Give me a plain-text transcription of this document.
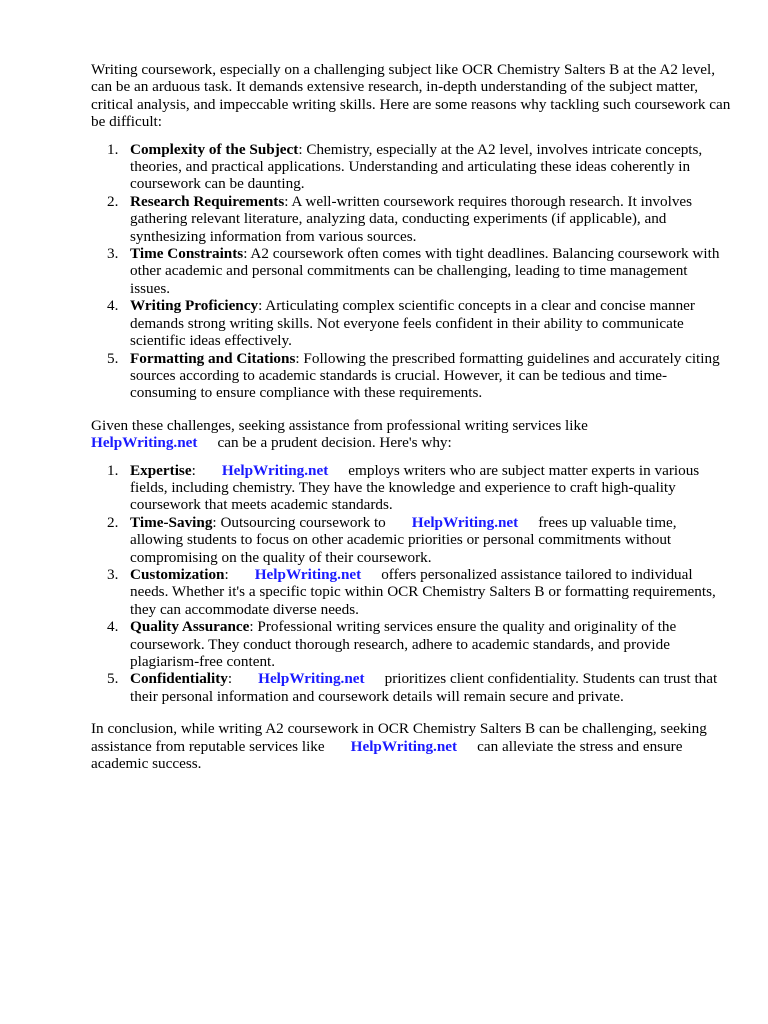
Writing coursework, especially on a challenging subject like OCR Chemistry Salters B at the A2 level, can be an arduous task. It demands extensive research, in-depth understanding of the subject matter, critical analysis, and impeccable writing skills. Here are some reasons why tackling such coursework can be difficult:

1. Complexity of the Subject: Chemistry, especially at the A2 level, involves intricate concepts, theories, and practical applications. Understanding and articulating these ideas coherently in coursework can be daunting.
2. Research Requirements: A well-written coursework requires thorough research. It involves gathering relevant literature, analyzing data, conducting experiments (if applicable), and synthesizing information from various sources.
3. Time Constraints: A2 coursework often comes with tight deadlines. Balancing coursework with other academic and personal commitments can be challenging, leading to time management issues.
4. Writing Proficiency: Articulating complex scientific concepts in a clear and concise manner demands strong writing skills. Not everyone feels confident in their ability to communicate scientific ideas effectively.
5. Formatting and Citations: Following the prescribed formatting guidelines and accurately citing sources according to academic standards is crucial. However, it can be tedious and time-consuming to ensure compliance with these requirements.

Given these challenges, seeking assistance from professional writing services like
HelpWriting.net can be a prudent decision. Here's why:

1. Expertise: HelpWriting.net employs writers who are subject matter experts in various fields, including chemistry. They have the knowledge and experience to craft high-quality coursework that meets academic standards.
2. Time-Saving: Outsourcing coursework to HelpWriting.net frees up valuable time, allowing students to focus on other academic priorities or personal commitments without compromising on the quality of their coursework.
3. Customization: HelpWriting.net offers personalized assistance tailored to individual needs. Whether it's a specific topic within OCR Chemistry Salters B or formatting requirements, they can accommodate diverse needs.
4. Quality Assurance: Professional writing services ensure the quality and originality of the coursework. They conduct thorough research, adhere to academic standards, and provide plagiarism-free content.
5. Confidentiality: HelpWriting.net prioritizes client confidentiality. Students can trust that their personal information and coursework details will remain secure and private.

In conclusion, while writing A2 coursework in OCR Chemistry Salters B can be challenging, seeking assistance from reputable services like HelpWriting.net can alleviate the stress and ensure academic success.
